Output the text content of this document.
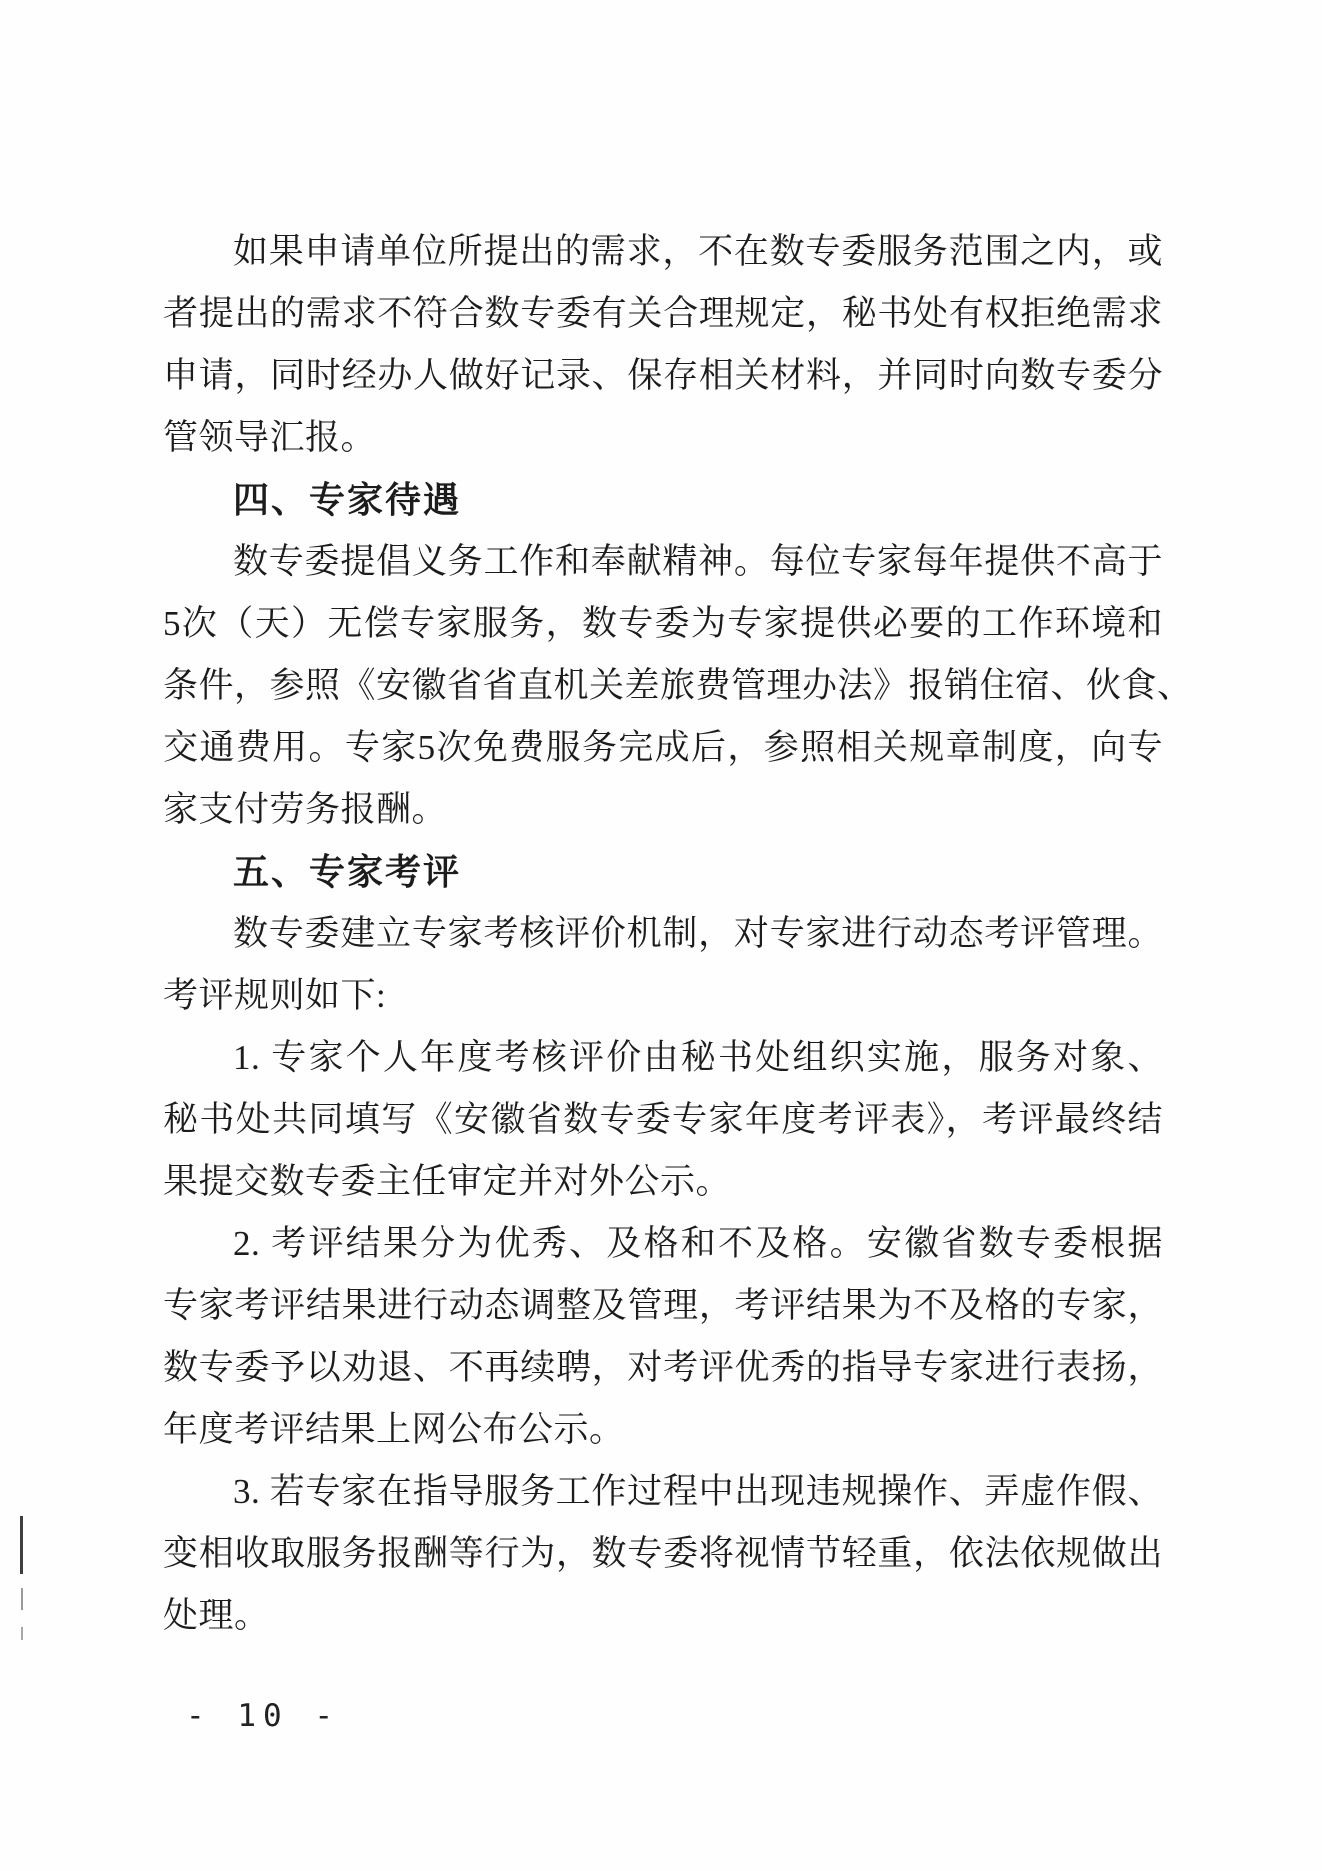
如果申请单位所提出的需求，不在数专委服务范围之内，或
者提出的需求不符合数专委有关合理规定，秘书处有权拒绝需求
申请，同时经办人做好记录、保存相关材料，并同时向数专委分
管领导汇报。
四、专家待遇
数专委提倡义务工作和奉献精神。每位专家每年提供不高于
5次（天）无偿专家服务，数专委为专家提供必要的工作环境和
条件，参照《安徽省省直机关差旅费管理办法》报销住宿、伙食、
交通费用。专家5次免费服务完成后，参照相关规章制度，向专
家支付劳务报酬。
五、专家考评
数专委建立专家考核评价机制，对专家进行动态考评管理。
考评规则如下:
1. 专家个人年度考核评价由秘书处组织实施，服务对象、
秘书处共同填写《安徽省数专委专家年度考评表》，考评最终结
果提交数专委主任审定并对外公示。
2. 考评结果分为优秀、及格和不及格。安徽省数专委根据
专家考评结果进行动态调整及管理，考评结果为不及格的专家，
数专委予以劝退、不再续聘，对考评优秀的指导专家进行表扬，
年度考评结果上网公布公示。
3. 若专家在指导服务工作过程中出现违规操作、弄虚作假、
变相收取服务报酬等行为，数专委将视情节轻重，依法依规做出
处理。
- 10 -
